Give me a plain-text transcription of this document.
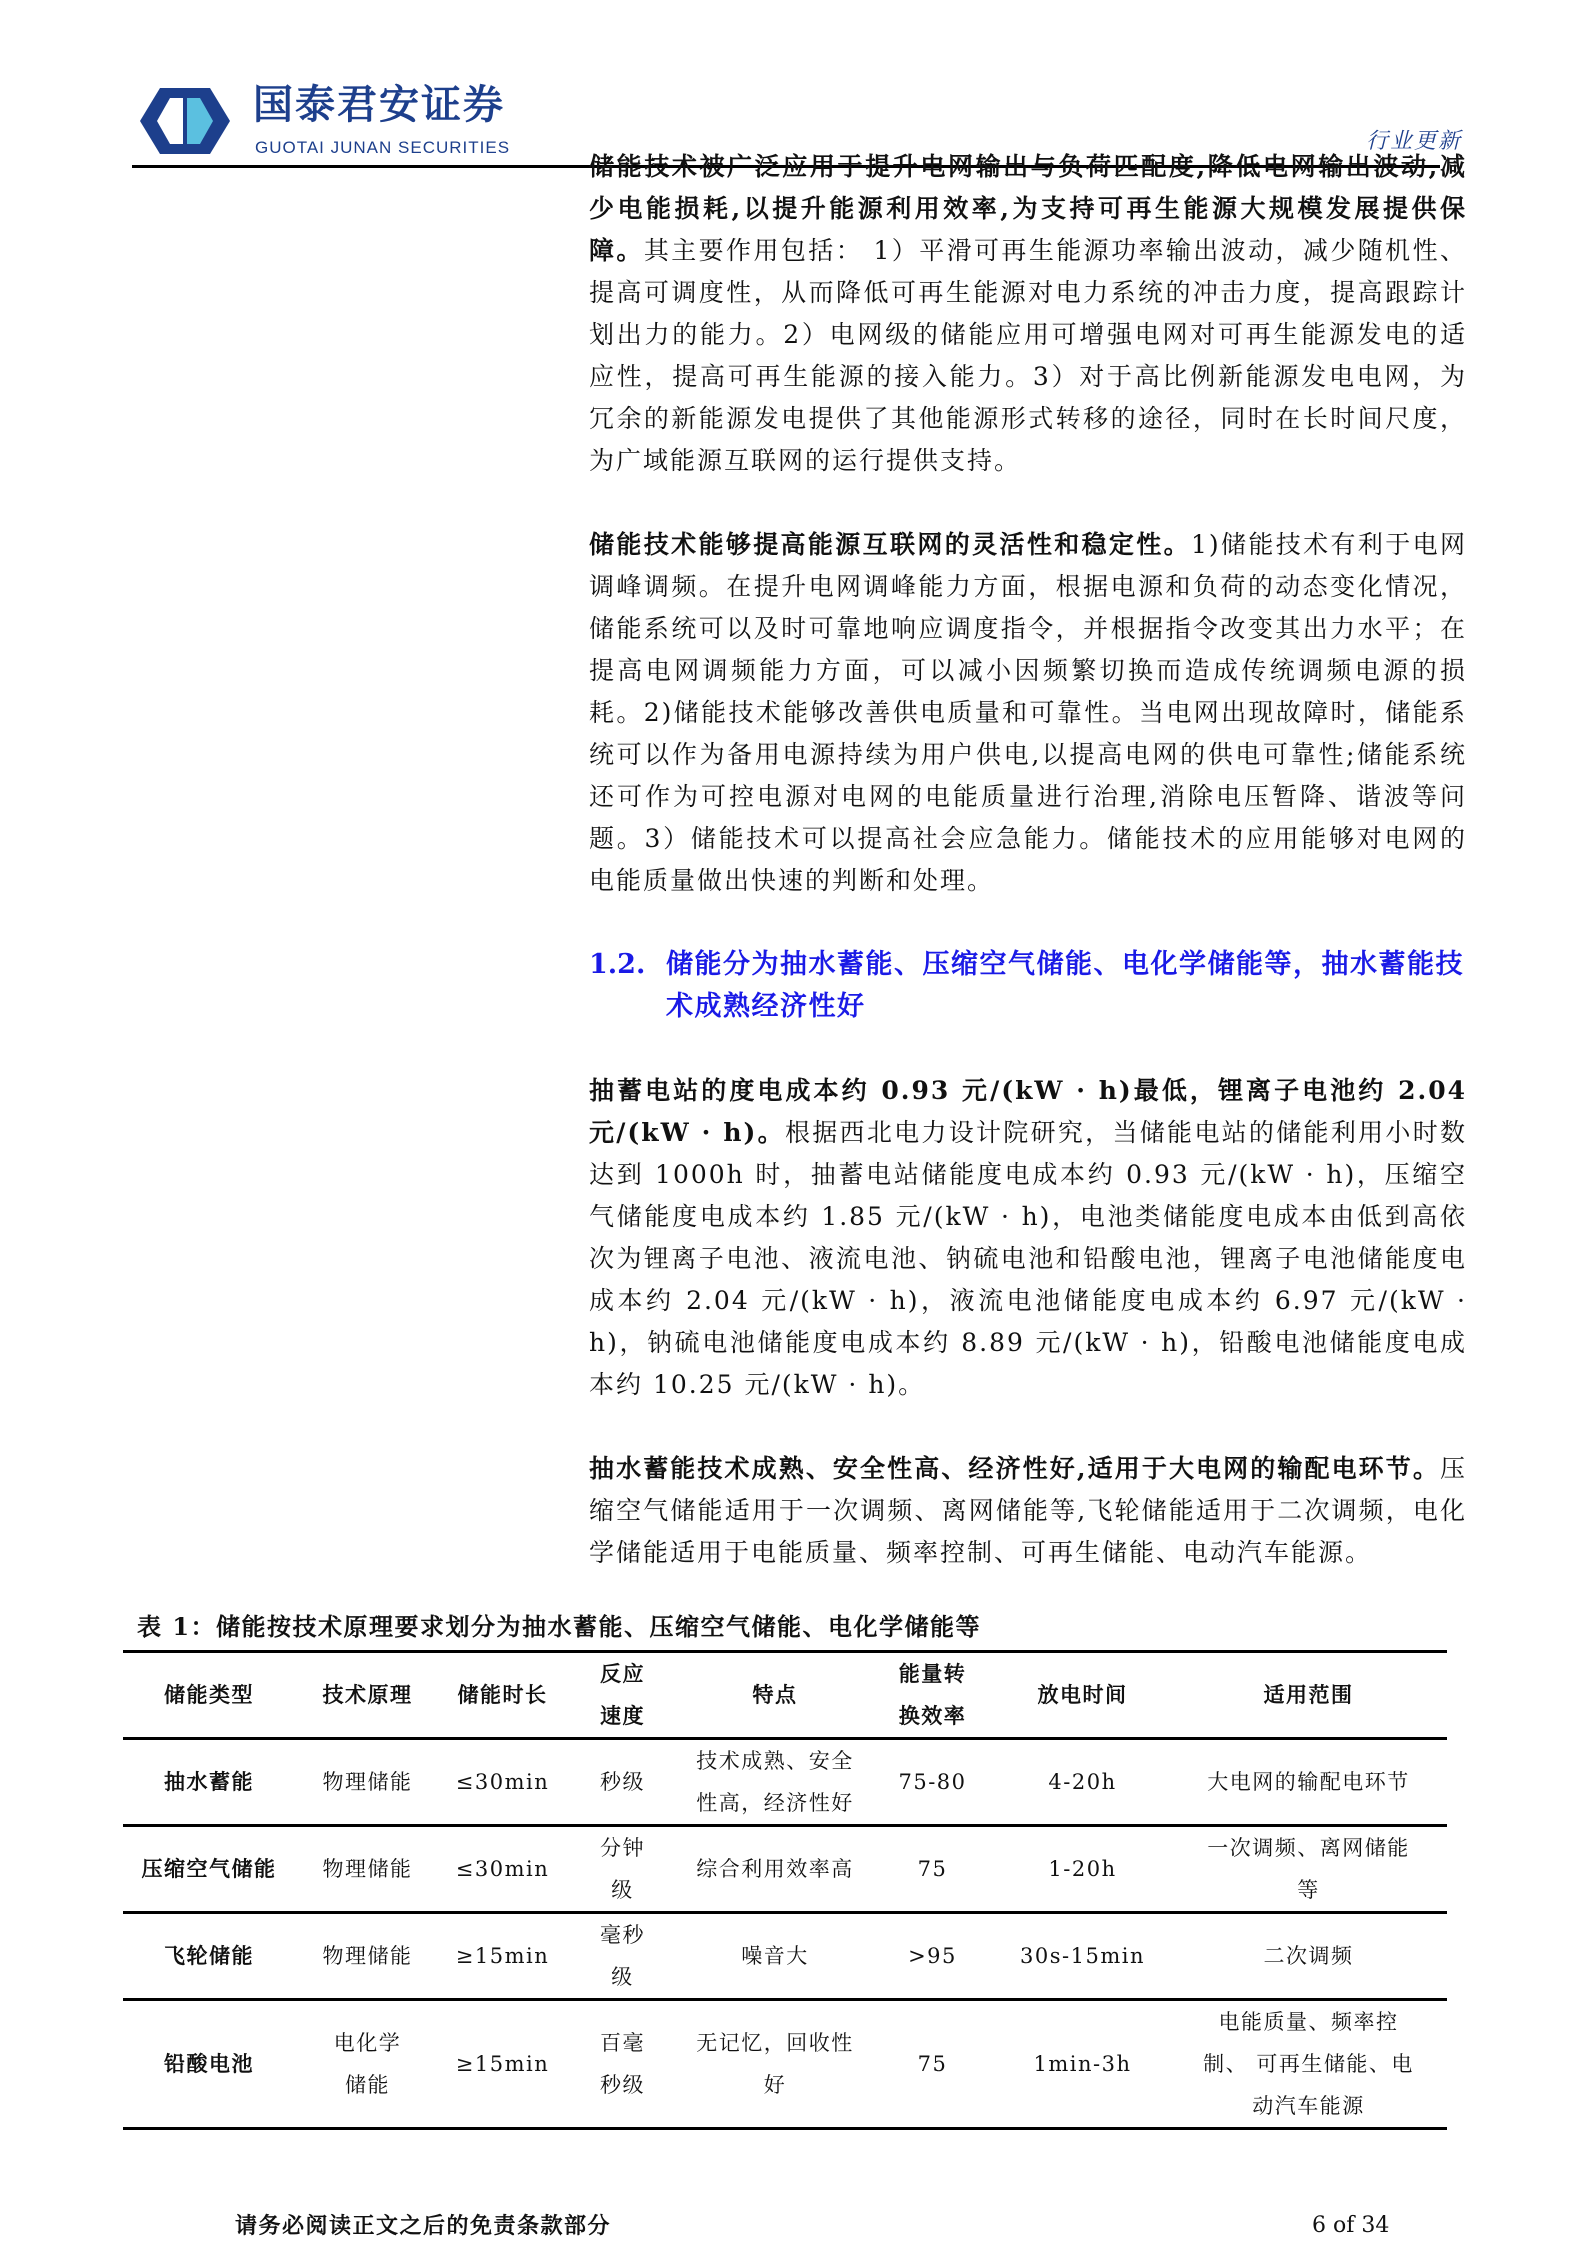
国泰君安证券
GUOTAI JUNAN SECURITIES	行业更新

储能技术被广泛应用于提升电网输出与负荷匹配度,降低电网输出波动,减少电能损耗,以提升能源利用效率,为支持可再生能源大规模发展提供保障。其主要作用包括： 1）平滑可再生能源功率输出波动，减少随机性、提高可调度性，从而降低可再生能源对电力系统的冲击力度，提高跟踪计划出力的能力。2）电网级的储能应用可增强电网对可再生能源发电的适应性，提高可再生能源的接入能力。3）对于高比例新能源发电电网，为冗余的新能源发电提供了其他能源形式转移的途径，同时在长时间尺度，为广域能源互联网的运行提供支持。

储能技术能够提高能源互联网的灵活性和稳定性。1)储能技术有利于电网调峰调频。在提升电网调峰能力方面，根据电源和负荷的动态变化情况，储能系统可以及时可靠地响应调度指令，并根据指令改变其出力水平；在提高电网调频能力方面，可以减小因频繁切换而造成传统调频电源的损耗。2)储能技术能够改善供电质量和可靠性。当电网出现故障时，储能系统可以作为备用电源持续为用户供电,以提高电网的供电可靠性;储能系统还可作为可控电源对电网的电能质量进行治理,消除电压暂降、谐波等问题。3）储能技术可以提高社会应急能力。储能技术的应用能够对电网的电能质量做出快速的判断和处理。

1.2. 储能分为抽水蓄能、压缩空气储能、电化学储能等，抽水蓄能技术成熟经济性好

抽蓄电站的度电成本约 0.93 元/(kW · h)最低，锂离子电池约 2.04 元/(kW · h)。根据西北电力设计院研究，当储能电站的储能利用小时数达到 1000h 时，抽蓄电站储能度电成本约 0.93 元/(kW · h)，压缩空气储能度电成本约 1.85 元/(kW · h)，电池类储能度电成本由低到高依次为锂离子电池、液流电池、钠硫电池和铅酸电池，锂离子电池储能度电成本约 2.04 元/(kW · h)，液流电池储能度电成本约 6.97 元/(kW · h)，钠硫电池储能度电成本约 8.89 元/(kW · h)，铅酸电池储能度电成本约 10.25 元/(kW · h)。

抽水蓄能技术成熟、安全性高、经济性好,适用于大电网的输配电环节。压缩空气储能适用于一次调频、离网储能等,飞轮储能适用于二次调频，电化学储能适用于电能质量、频率控制、可再生储能、电动汽车能源。

表 1：储能按技术原理要求划分为抽水蓄能、压缩空气储能、电化学储能等
储能类型	技术原理	储能时长	反应速度	特点	能量转换效率	放电时间	适用范围
抽水蓄能	物理储能	≤30min	秒级	技术成熟、安全性高，经济性好	75-80	4-20h	大电网的输配电环节
压缩空气储能	物理储能	≤30min	分钟级	综合利用效率高	75	1-20h	一次调频、离网储能等
飞轮储能	物理储能	≥15min	毫秒级	噪音大	>95	30s-15min	二次调频
铅酸电池	电化学储能	≥15min	百毫秒级	无记忆，回收性好	75	1min-3h	电能质量、频率控制、 可再生储能、电动汽车能源
请务必阅读正文之后的免责条款部分	6 of 34
